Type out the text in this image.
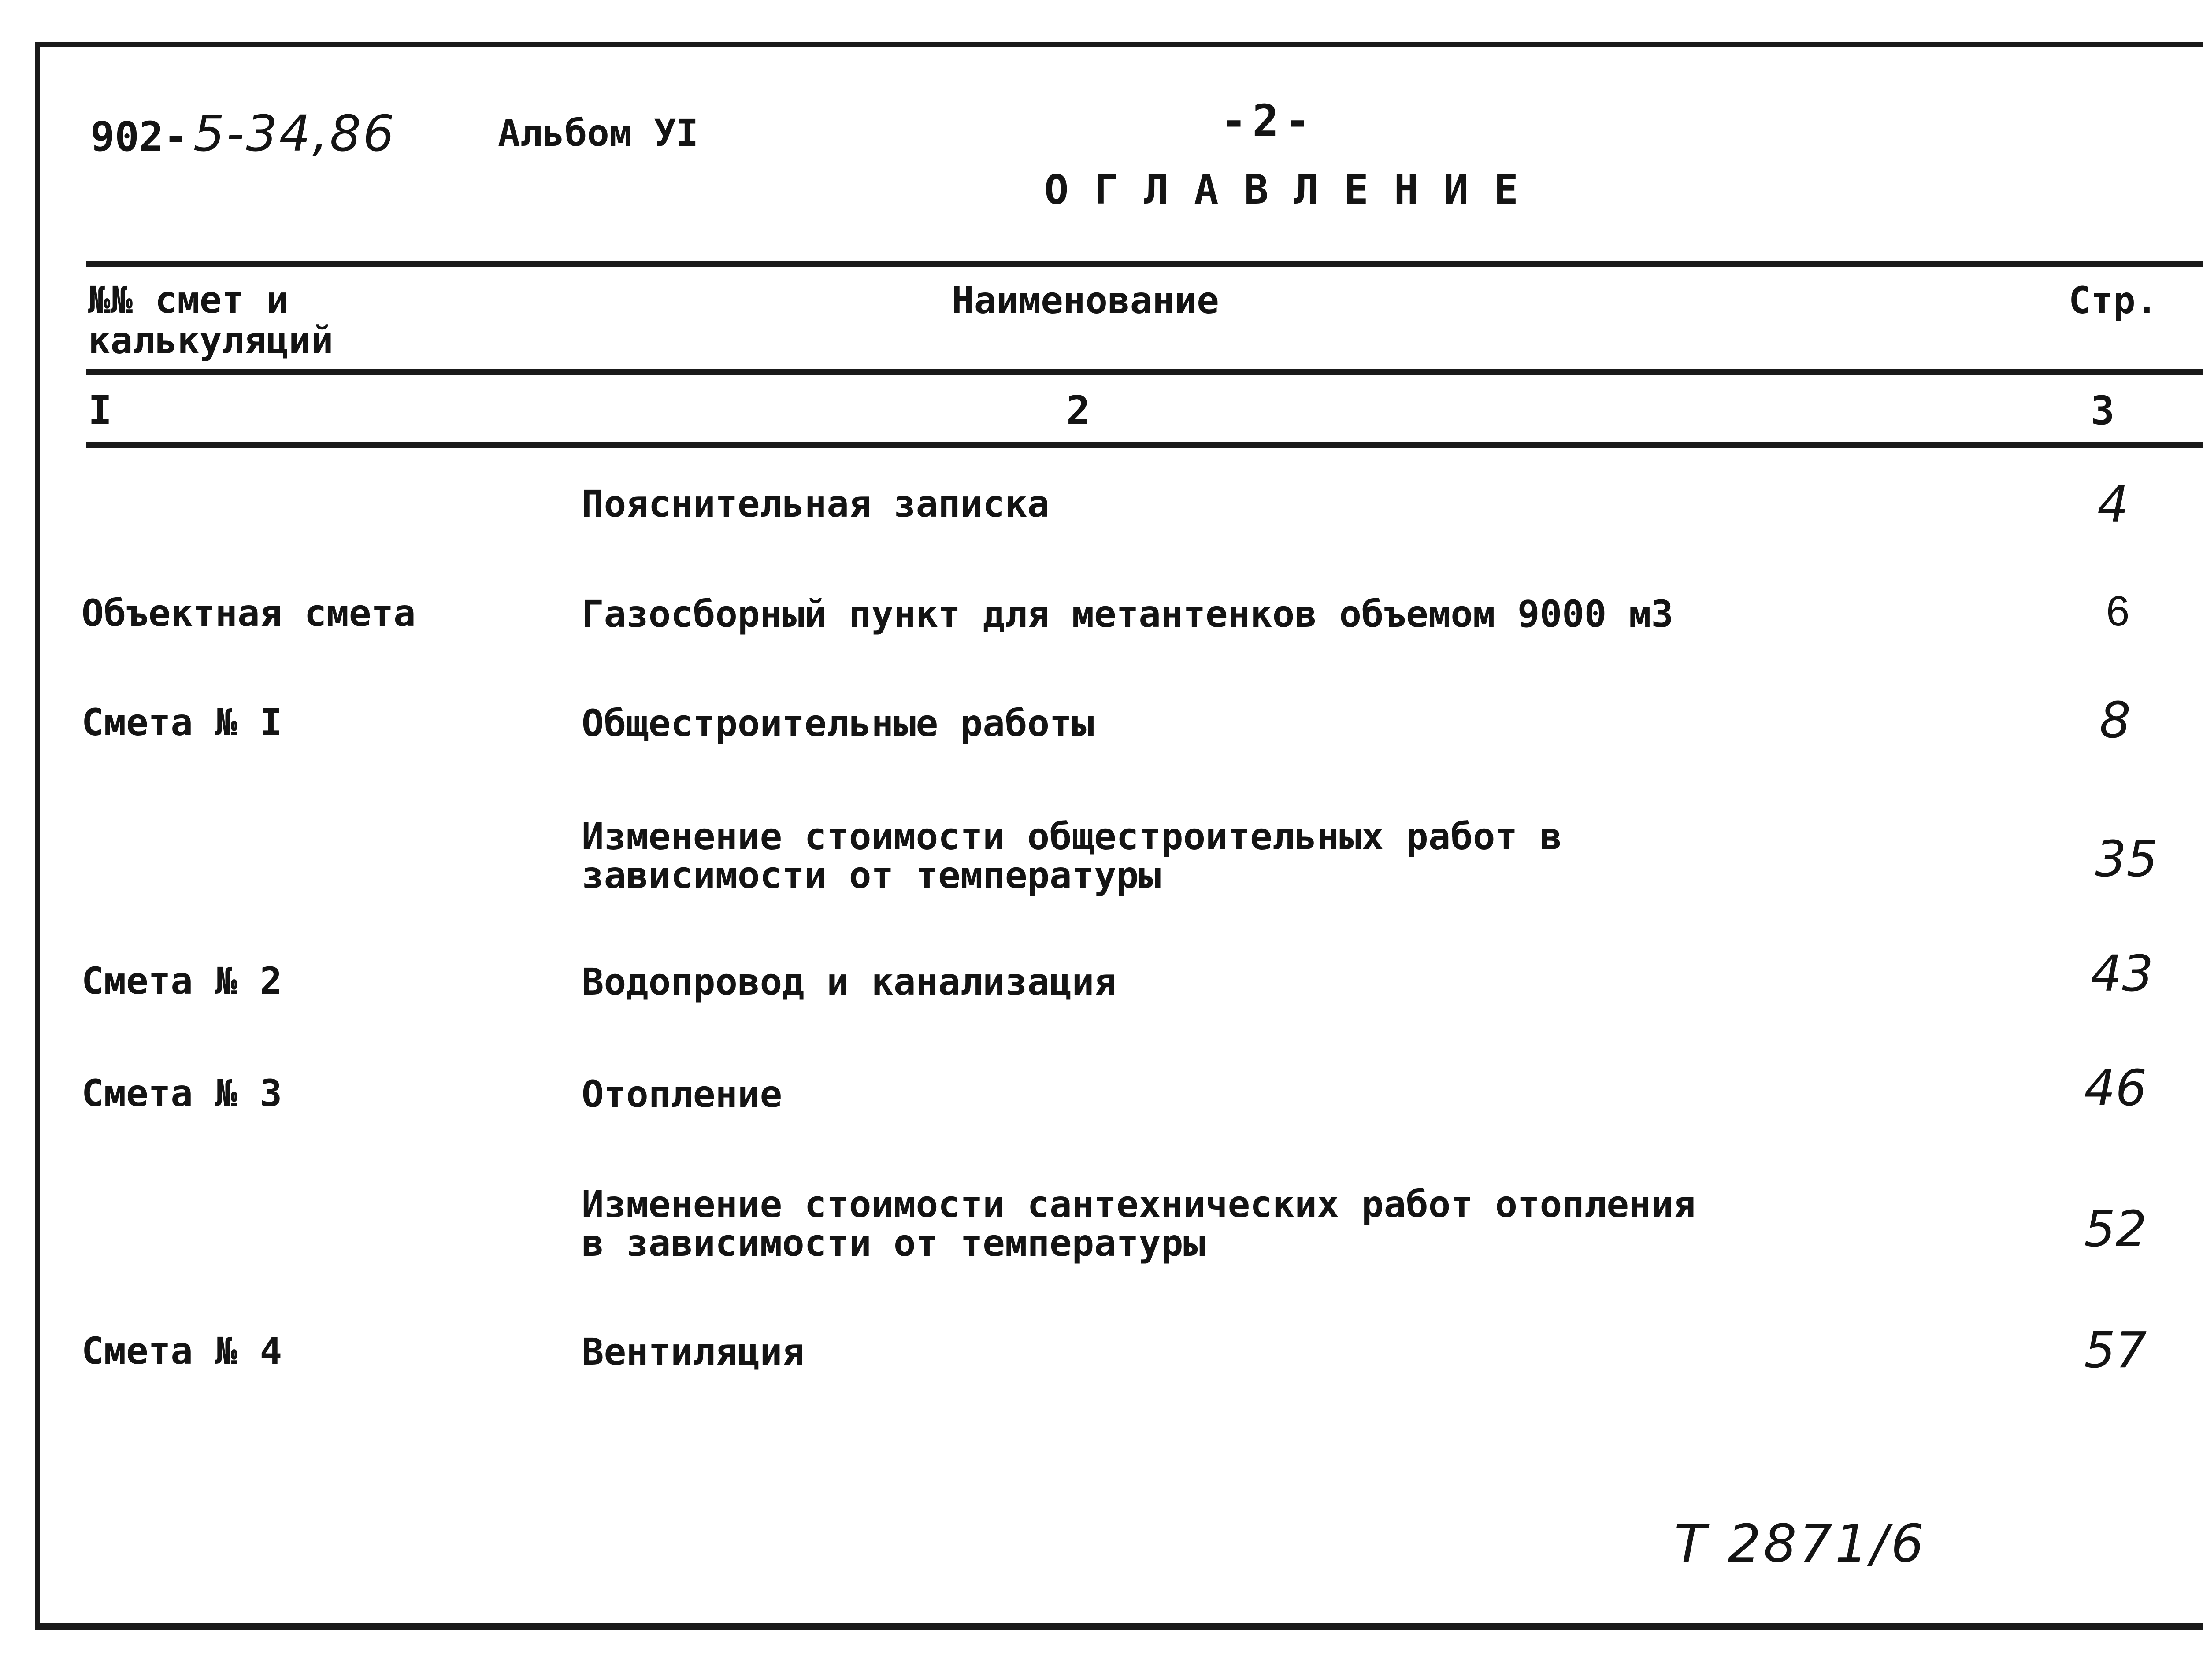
902- 5-34,86	Альбом УI	-2-
ОГЛАВЛЕНИЕ
№№ смет и
калькуляций
Наименование	Стр.
I	2	3
Пояснительная записка	4
Объектная смета	Газосборный пункт для метантенков объемом 9000 м3	6
Смета № I	Общестроительные работы	8
Изменение стоимости общестроительных работ в
зависимости от температуры	35
Смета № 2	Водопровод и канализация	43
Смета № 3	Отопление	46
Изменение стоимости сантехнических работ отопления
в зависимости от температуры	52
Смета № 4	Вентиляция	57
Т 2871/6
